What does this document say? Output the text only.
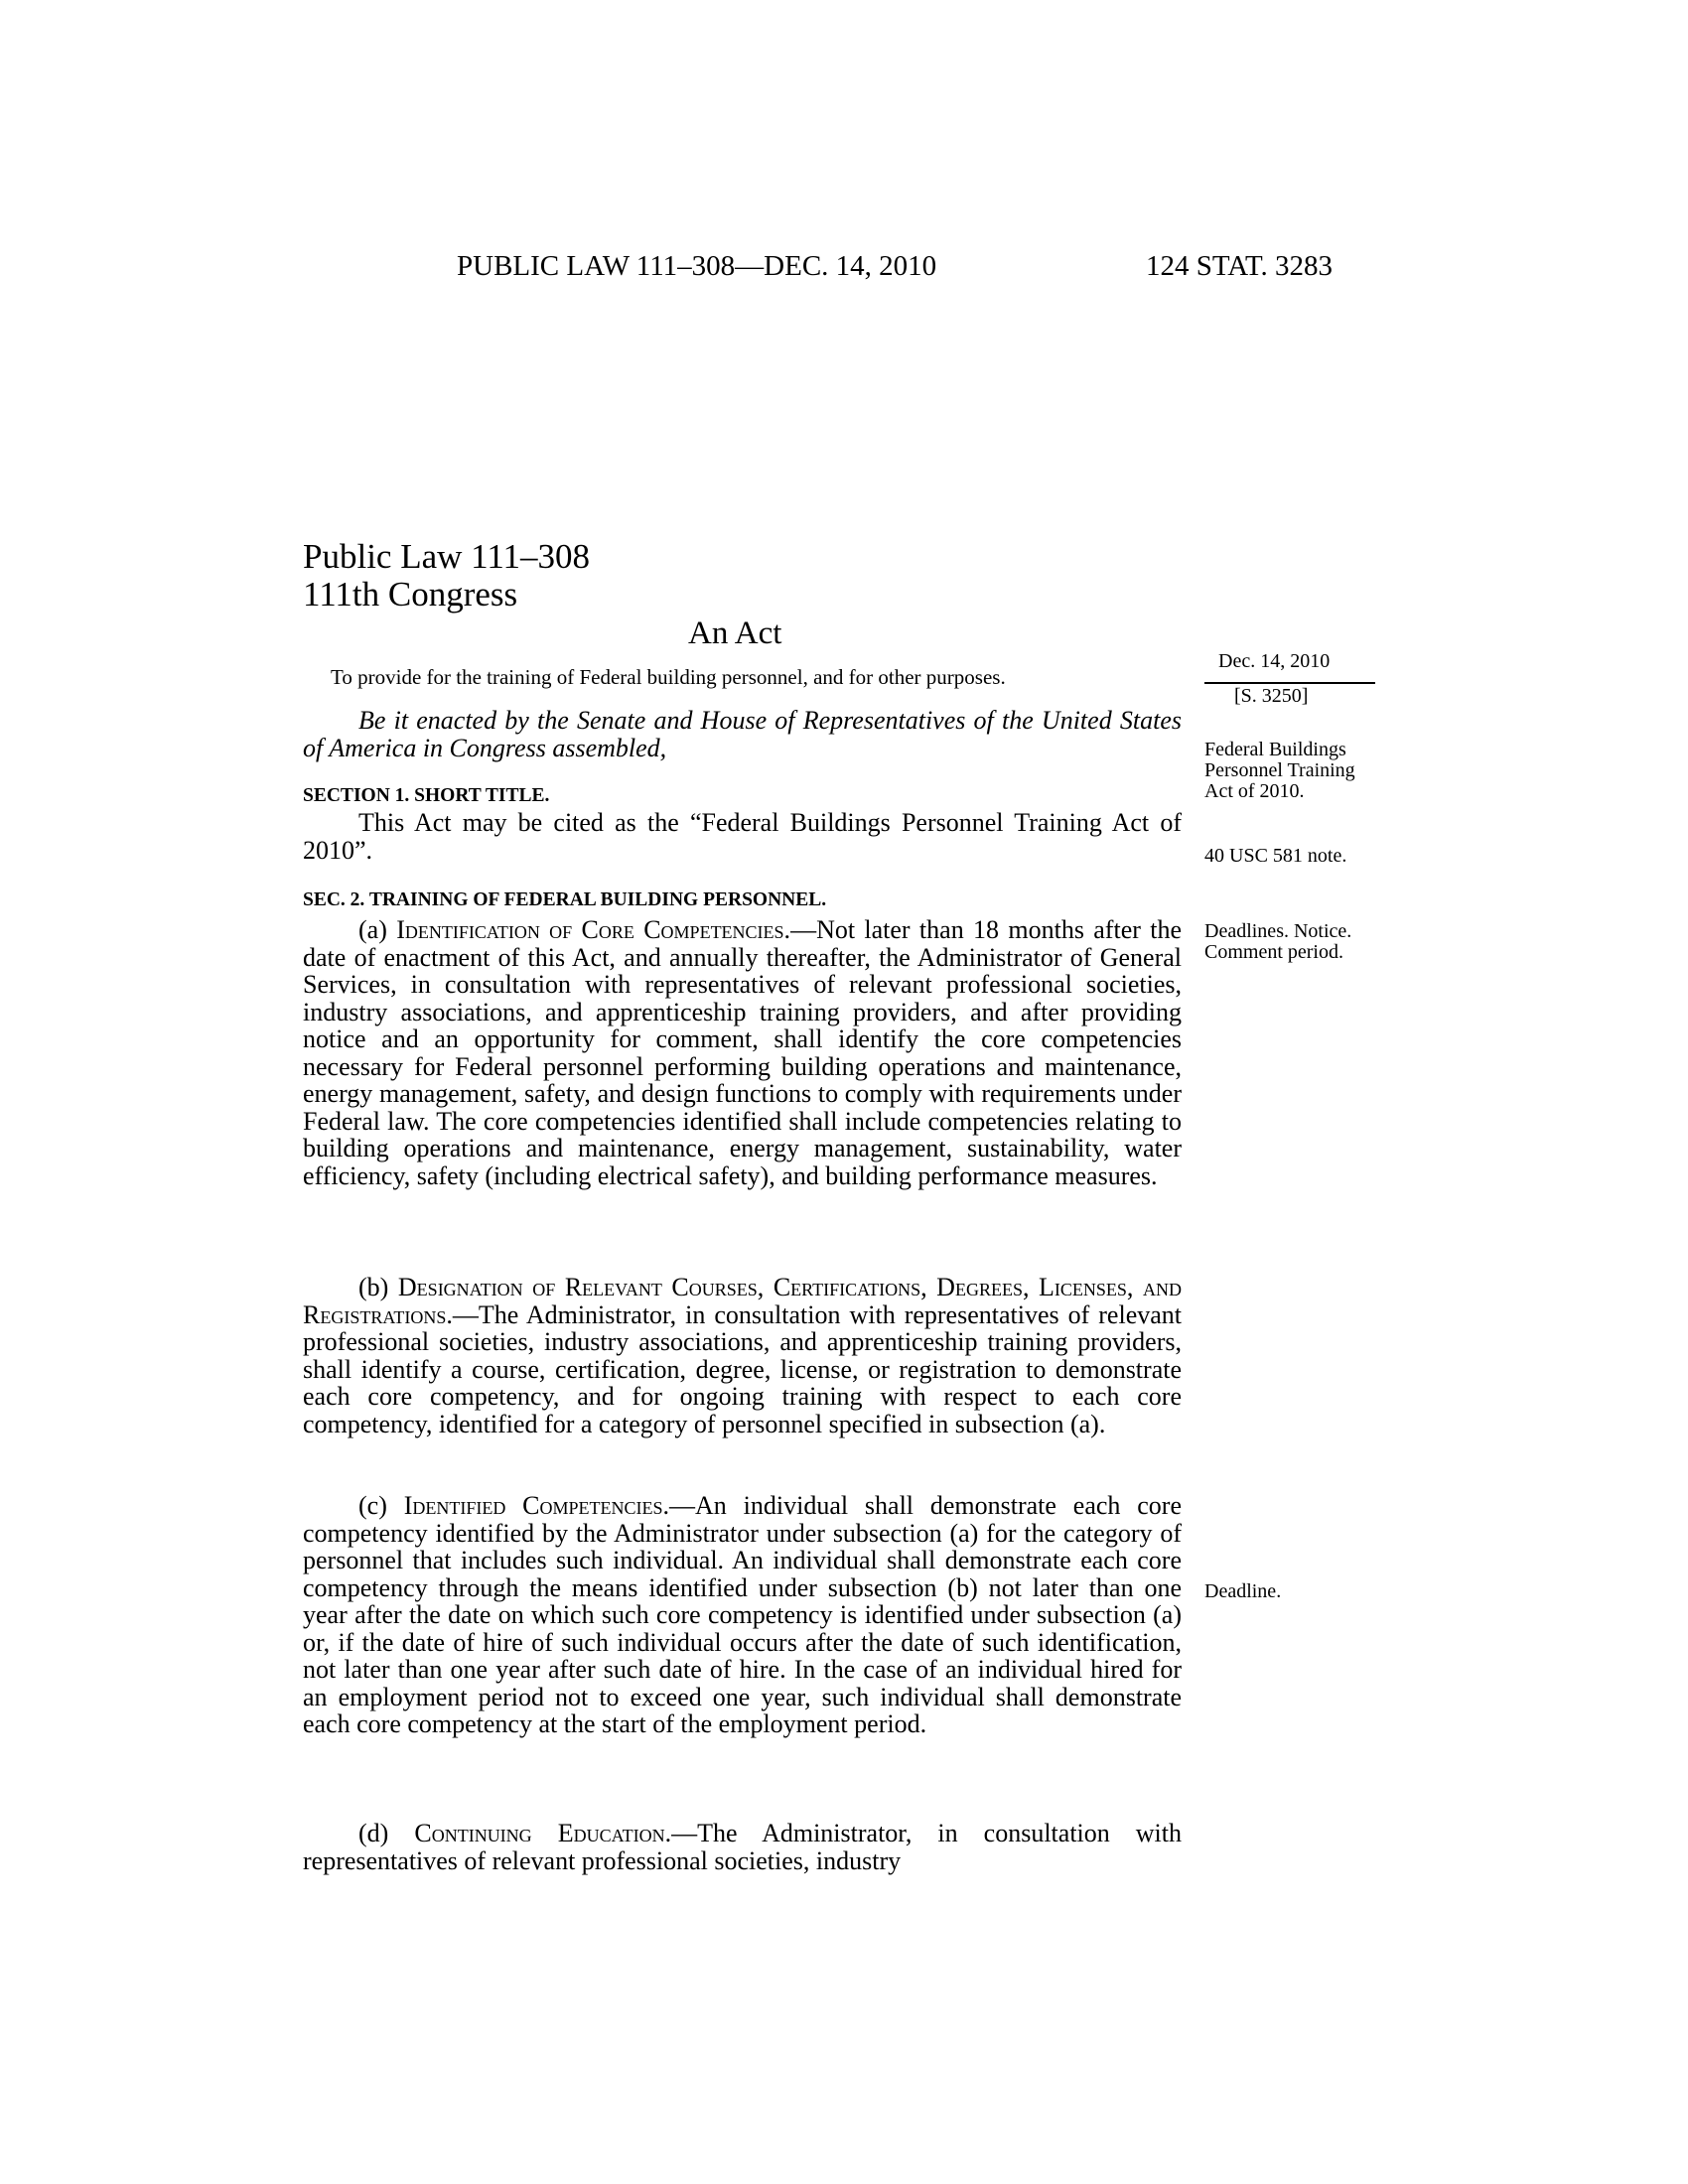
PUBLIC LAW 111–308—DEC. 14, 2010	124 STAT. 3283
Public Law 111–308
111th Congress
An Act
To provide for the training of Federal building personnel, and for other purposes.
Be it enacted by the Senate and House of Representatives of the United States of America in Congress assembled,
SECTION 1. SHORT TITLE.
This Act may be cited as the “Federal Buildings Personnel Training Act of 2010”.
SEC. 2. TRAINING OF FEDERAL BUILDING PERSONNEL.
(a) Identification of Core Competencies.—Not later than 18 months after the date of enactment of this Act, and annually thereafter, the Administrator of General Services, in consultation with representatives of relevant professional societies, industry associations, and apprenticeship training providers, and after providing notice and an opportunity for comment, shall identify the core competencies necessary for Federal personnel performing building operations and maintenance, energy management, safety, and design functions to comply with requirements under Federal law. The core competencies identified shall include competencies relating to building operations and maintenance, energy management, sustainability, water efficiency, safety (including electrical safety), and building performance measures.
(b) Designation of Relevant Courses, Certifications, Degrees, Licenses, and Registrations.—The Administrator, in consultation with representatives of relevant professional societies, industry associations, and apprenticeship training providers, shall identify a course, certification, degree, license, or registration to demonstrate each core competency, and for ongoing training with respect to each core competency, identified for a category of personnel specified in subsection (a).
(c) Identified Competencies.—An individual shall demonstrate each core competency identified by the Administrator under subsection (a) for the category of personnel that includes such individual. An individual shall demonstrate each core competency through the means identified under subsection (b) not later than one year after the date on which such core competency is identified under subsection (a) or, if the date of hire of such individual occurs after the date of such identification, not later than one year after such date of hire. In the case of an individual hired for an employment period not to exceed one year, such individual shall demonstrate each core competency at the start of the employment period.
(d) Continuing Education.—The Administrator, in consultation with representatives of relevant professional societies, industry
Dec. 14, 2010
[S. 3250]
Federal Buildings Personnel Training Act of 2010.
40 USC 581 note.
Deadlines. Notice. Comment period.
Deadline.
